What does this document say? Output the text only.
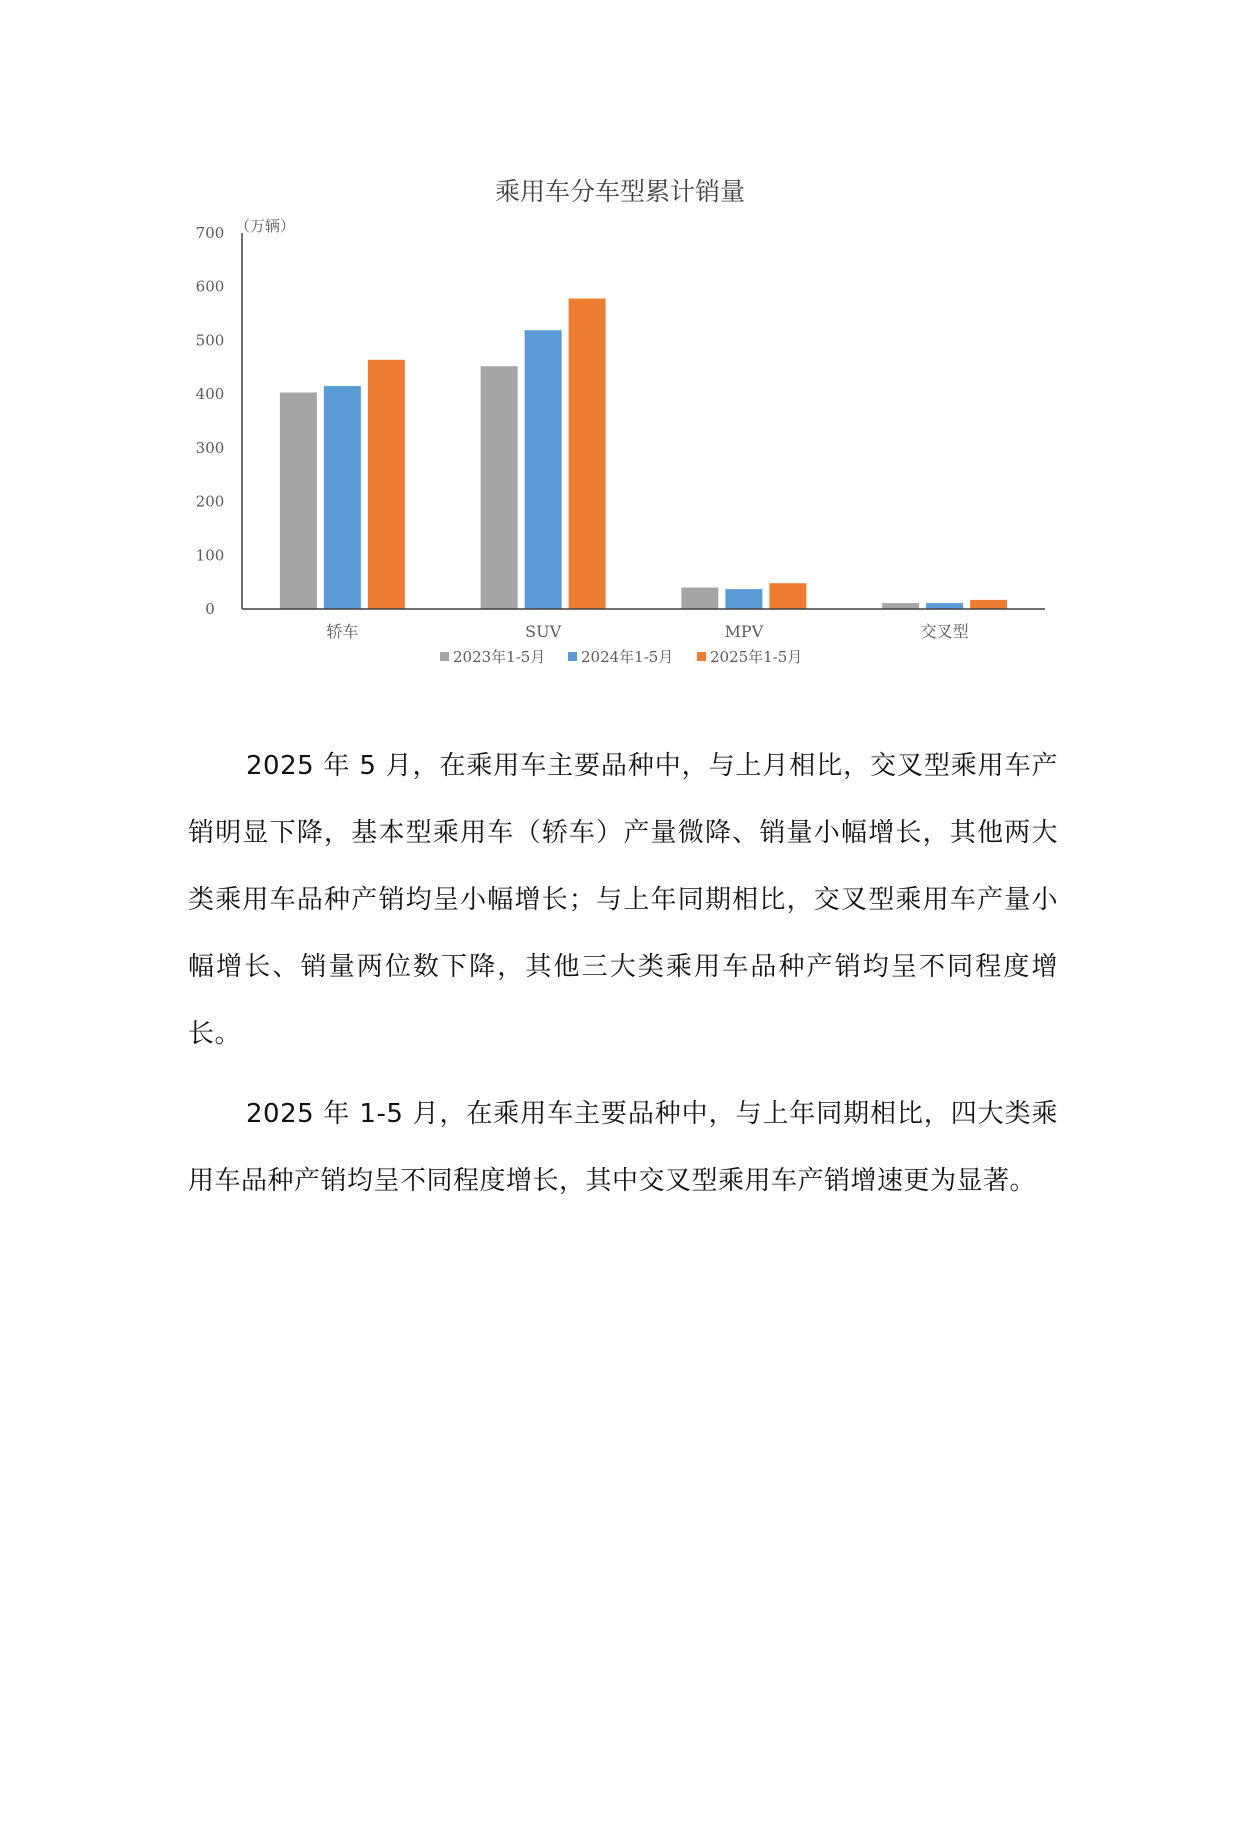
乘用车分车型累计销量
（万辆）
0
100
200
300
400
500
600
700
轿车	SUV	MPV	交叉型
2023年1-5月 2024年1-5月 2025年1-5月

2025 年 5 月，在乘用车主要品种中，与上月相比，交叉型乘用车产销明显下降，基本型乘用车（轿车）产量微降、销量小幅增长，其他两大类乘用车品种产销均呈小幅增长；与上年同期相比，交叉型乘用车产量小幅增长、销量两位数下降，其他三大类乘用车品种产销均呈不同程度增长。

2025 年 1-5 月，在乘用车主要品种中，与上年同期相比，四大类乘用车品种产销均呈不同程度增长，其中交叉型乘用车产销增速更为显著。
